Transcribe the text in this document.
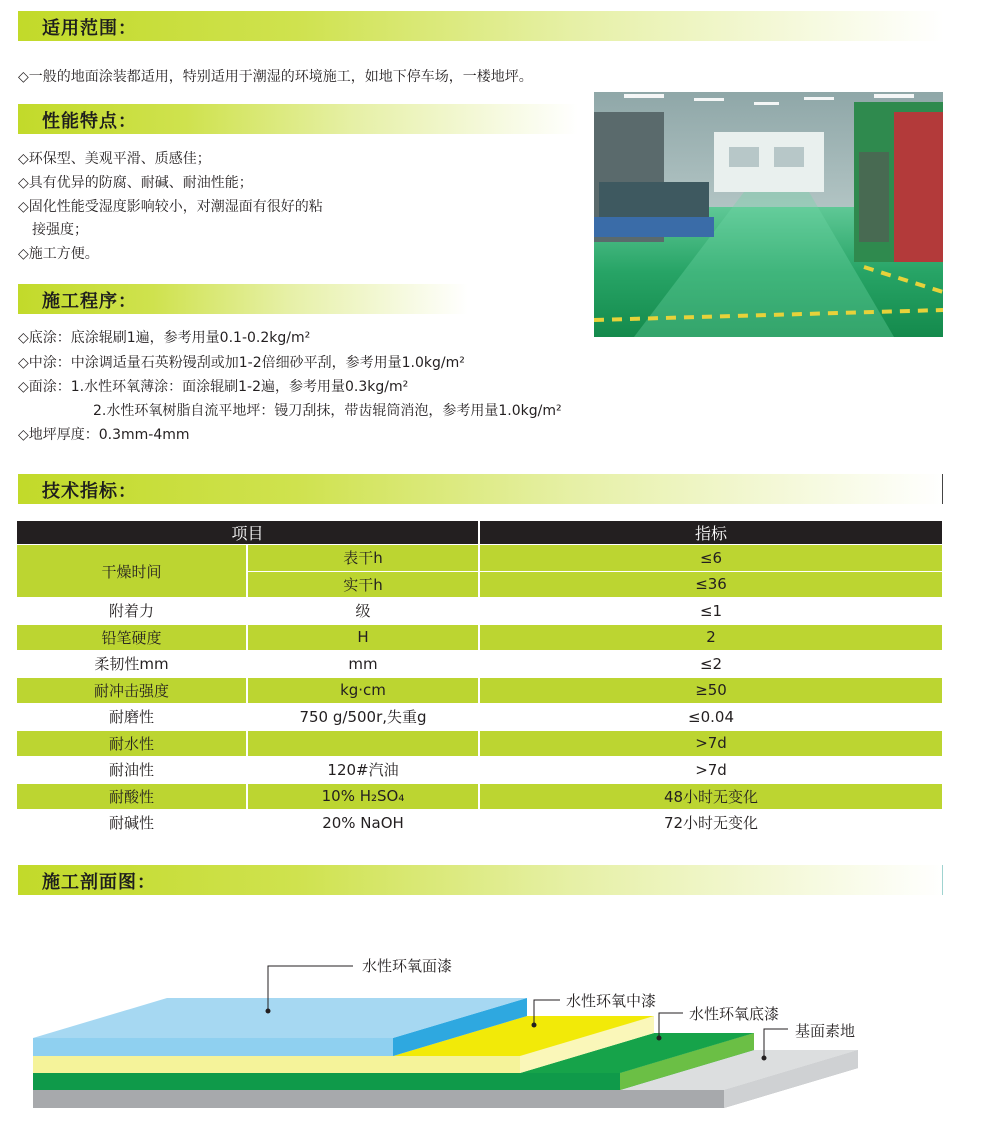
适用范围：
◇一般的地面涂装都适用，特别适用于潮湿的环境施工，如地下停车场，一楼地坪。
性能特点：
◇环保型、美观平滑、质感佳；
◇具有优异的防腐、耐碱、耐油性能；
◇固化性能受湿度影响较小，对潮湿面有很好的粘
接强度；
◇施工方便。
施工程序：
◇底涂：底涂辊刷1遍，参考用量0.1-0.2kg/m²
◇中涂：中涂调适量石英粉镘刮或加1-2倍细砂平刮，参考用量1.0kg/m²
◇面涂：1.水性环氧薄涂：面涂辊刷1-2遍，参考用量0.3kg/m²
2.水性环氧树脂自流平地坪：镘刀刮抹，带齿辊筒消泡，参考用量1.0kg/m²
◇地坪厚度：0.3mm-4mm
技术指标：
项目		指标
干燥时间	表干h	≤6
	实干h	≤36
附着力	级	≤1
铅笔硬度	H	2
柔韧性mm	mm	≤2
耐冲击强度	kg·cm	≥50
耐磨性	750 g/500r,失重g	≤0.04
耐水性		>7d
耐油性	120#汽油	>7d
耐酸性	10% H₂SO₄	48小时无变化
耐碱性	20% NaOH	72小时无变化
施工剖面图：
水性环氧面漆
水性环氧中漆
水性环氧底漆
基面素地
